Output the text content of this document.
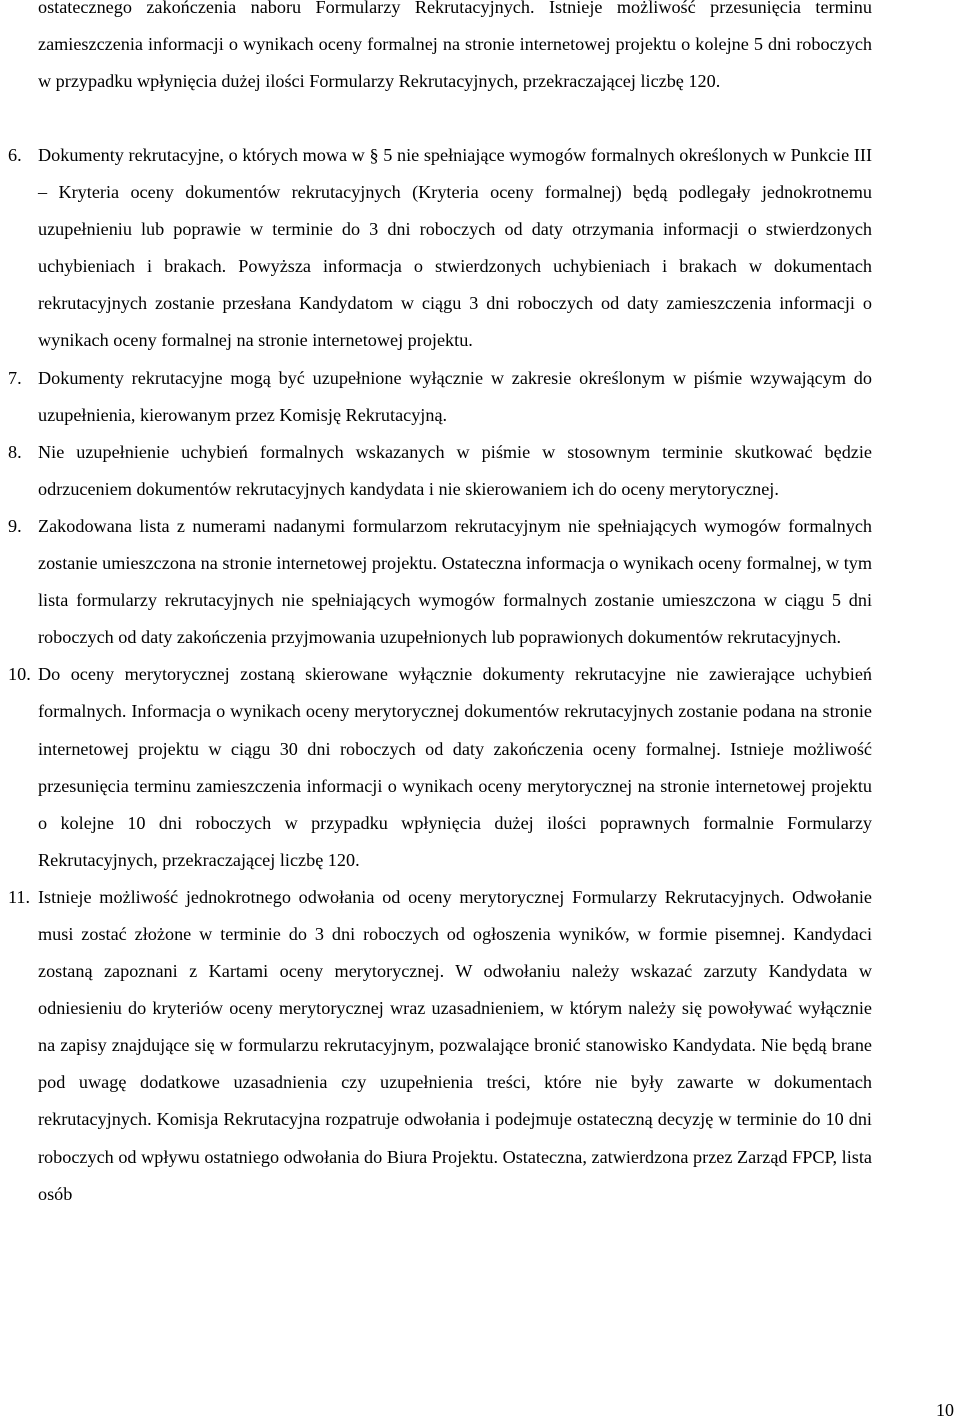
ostatecznego zakończenia naboru Formularzy Rekrutacyjnych. Istnieje możliwość przesunięcia terminu zamieszczenia informacji o wynikach oceny formalnej na stronie internetowej projektu o kolejne 5 dni roboczych w przypadku wpłynięcia dużej ilości Formularzy Rekrutacyjnych, przekraczającej liczbę 120.
6. Dokumenty rekrutacyjne, o których mowa w § 5 nie spełniające wymogów formalnych określonych w Punkcie III – Kryteria oceny dokumentów rekrutacyjnych (Kryteria oceny formalnej) będą podlegały jednokrotnemu uzupełnieniu lub poprawie w terminie do 3 dni roboczych od daty otrzymania informacji o stwierdzonych uchybieniach i brakach. Powyższa informacja o stwierdzonych uchybieniach i brakach w dokumentach rekrutacyjnych zostanie przesłana Kandydatom w ciągu 3 dni roboczych od daty zamieszczenia informacji o wynikach oceny formalnej na stronie internetowej projektu.
7. Dokumenty rekrutacyjne mogą być uzupełnione wyłącznie w zakresie określonym w piśmie wzywającym do uzupełnienia, kierowanym przez Komisję Rekrutacyjną.
8. Nie uzupełnienie uchybień formalnych wskazanych w piśmie w stosownym terminie skutkować będzie odrzuceniem dokumentów rekrutacyjnych kandydata i nie skierowaniem ich do oceny merytorycznej.
9. Zakodowana lista z numerami nadanymi formularzom rekrutacyjnym nie spełniających wymogów formalnych zostanie umieszczona na stronie internetowej projektu. Ostateczna informacja o wynikach oceny formalnej, w tym lista formularzy rekrutacyjnych nie spełniających wymogów formalnych zostanie umieszczona w ciągu 5 dni roboczych od daty zakończenia przyjmowania uzupełnionych lub poprawionych dokumentów rekrutacyjnych.
10. Do oceny merytorycznej zostaną skierowane wyłącznie dokumenty rekrutacyjne nie zawierające uchybień formalnych. Informacja o wynikach oceny merytorycznej dokumentów rekrutacyjnych zostanie podana na stronie internetowej projektu w ciągu 30 dni roboczych od daty zakończenia oceny formalnej. Istnieje możliwość przesunięcia terminu zamieszczenia informacji o wynikach oceny merytorycznej na stronie internetowej projektu o kolejne 10 dni roboczych w przypadku wpłynięcia dużej ilości poprawnych formalnie Formularzy Rekrutacyjnych, przekraczającej liczbę 120.
11. Istnieje możliwość jednokrotnego odwołania od oceny merytorycznej Formularzy Rekrutacyjnych. Odwołanie musi zostać złożone w terminie do 3 dni roboczych od ogłoszenia wyników, w formie pisemnej. Kandydaci zostaną zapoznani z Kartami oceny merytorycznej. W odwołaniu należy wskazać zarzuty Kandydata w odniesieniu do kryteriów oceny merytorycznej wraz uzasadnieniem, w którym należy się powoływać wyłącznie na zapisy znajdujące się w formularzu rekrutacyjnym, pozwalające bronić stanowisko Kandydata. Nie będą brane pod uwagę dodatkowe uzasadnienia czy uzupełnienia treści, które nie były zawarte w dokumentach rekrutacyjnych. Komisja Rekrutacyjna rozpatruje odwołania i podejmuje ostateczną decyzję w terminie do 10 dni roboczych od wpływu ostatniego odwołania do Biura Projektu. Ostateczna, zatwierdzona przez Zarząd FPCP, lista osób
10
